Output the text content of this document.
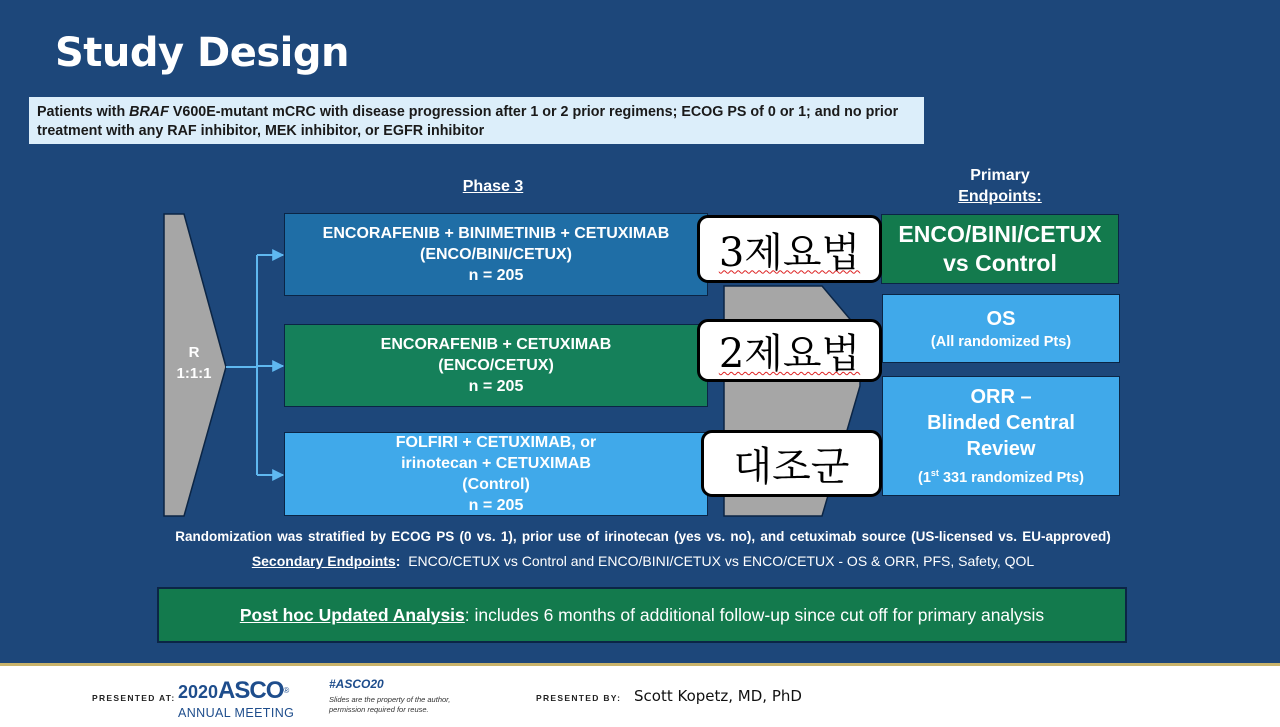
Study Design
Patients with BRAF V600E-mutant mCRC with disease progression after 1 or 2 prior regimens; ECOG PS of 0 or 1; and no prior treatment with any RAF inhibitor, MEK inhibitor, or EGFR inhibitor
Phase 3
Primary
Endpoints:
R
1:1:1
ENCORAFENIB + BINIMETINIB + CETUXIMAB
(ENCO/BINI/CETUX)
n = 205
ENCORAFENIB + CETUXIMAB
(ENCO/CETUX)
n = 205
FOLFIRI + CETUXIMAB, or
irinotecan + CETUXIMAB
(Control)
n = 205
ENCO/BINI/CETUX
vs Control
OS
(All randomized Pts)
ORR –
Blinded Central
Review
(1st 331 randomized Pts)
3제요법
2제요법
대조군
Randomization was stratified by ECOG PS (0 vs. 1), prior use of irinotecan (yes vs. no), and cetuximab source (US-licensed vs. EU-approved)
Secondary Endpoints: ENCO/CETUX vs Control and ENCO/BINI/CETUX vs ENCO/CETUX - OS & ORR, PFS, Safety, QOL
Post hoc Updated Analysis : includes 6 months of additional follow-up since cut off for primary analysis
PRESENTED AT: 2020ASCO®
ANNUAL MEETING
#ASCO20
Slides are the property of the author,
permission required for reuse.
PRESENTED BY: Scott Kopetz, MD, PhD
